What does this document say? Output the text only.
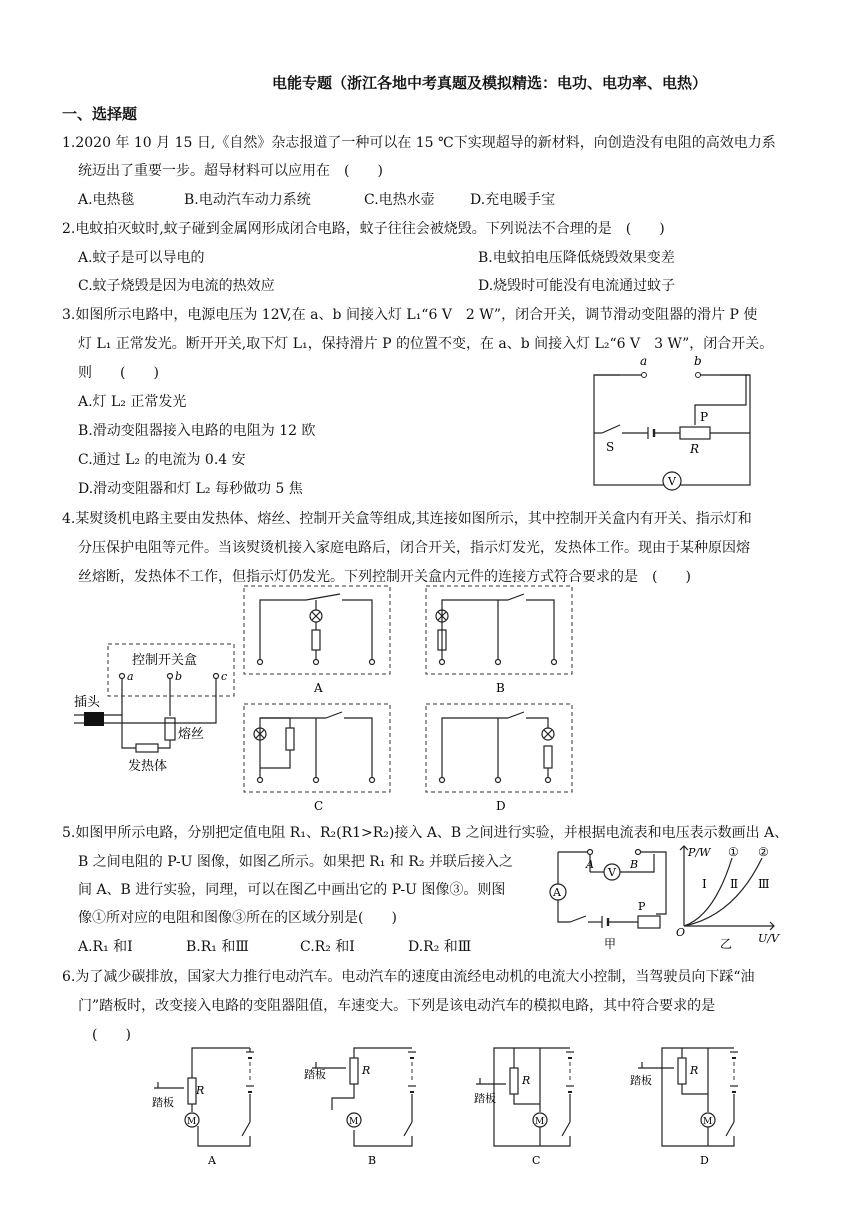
电能专题（浙江各地中考真题及模拟精选：电功、电功率、电热）
一、选择题
1.2020 年 10 月 15 日,《自然》杂志报道了一种可以在 15 ℃下实现超导的新材料，向创造没有电阻的高效电力系
统迈出了重要一步。超导材料可以应用在　(　　)
A.电热毯	B.电动汽车动力系统	C.电热水壶	D.充电暖手宝
2.电蚊拍灭蚊时,蚊子碰到金属网形成闭合电路，蚊子往往会被烧毁。下列说法不合理的是　(　　)
A.蚊子是可以导电的	B.电蚊拍电压降低烧毁效果变差
C.蚊子烧毁是因为电流的热效应	D.烧毁时可能没有电流通过蚊子
3.如图所示电路中，电源电压为 12V,在 a、b 间接入灯 L₁“6 V　2 W”，闭合开关，调节滑动变阻器的滑片 P 使
灯 L₁ 正常发光。断开开关,取下灯 L₁，保持滑片 P 的位置不变，在 a、b 间接入灯 L₂“6 V　3 W”，闭合开关。
则　　(　　)
A.灯 L₂ 正常发光
B.滑动变阻器接入电路的电阻为 12 欧
C.通过 L₂ 的电流为 0.4 安
D.滑动变阻器和灯 L₂ 每秒做功 5 焦
a	b
P
S	R
V
4.某熨烫机电路主要由发热体、熔丝、控制开关盒等组成,其连接如图所示，其中控制开关盒内有开关、指示灯和
分压保护电阻等元件。当该熨烫机接入家庭电路后，闭合开关，指示灯发光，发热体工作。现由于某种原因熔
丝熔断，发热体不工作，但指示灯仍发光。下列控制开关盒内元件的连接方式符合要求的是　(　　)
控制开关盒
a	b	c
插头
熔丝
发热体
A	B
C	D
5.如图甲所示电路，分别把定值电阻 R₁、R₂(R1>R₂)接入 A、B 之间进行实验，并根据电流表和电压表示数画出 A、
B 之间电阻的 P-U 图像，如图乙所示。如果把 R₁ 和 R₂ 并联后接入之
间 A、B 进行实验，同理，可以在图乙中画出它的 P-U 图像③。则图
像①所对应的电阻和图像③所在的区域分别是(　　)
A.R₁ 和Ⅰ	B.R₁ 和Ⅲ	C.R₂ 和Ⅰ	D.R₂ 和Ⅲ
A	B
A
V
P
甲
P/W
U/V
O
① ②
Ⅰ Ⅱ Ⅲ
乙
6.为了减少碳排放，国家大力推行电动汽车。电动汽车的速度由流经电动机的电流大小控制，当驾驶员向下踩“油
门”踏板时，改变接入电路的变阻器阻值，车速变大。下列是该电动汽车的模拟电路，其中符合要求的是
(　　)
R
踏板
M
A
R
踏板
M
B
R
踏板
M
C
R
踏板
M
D
